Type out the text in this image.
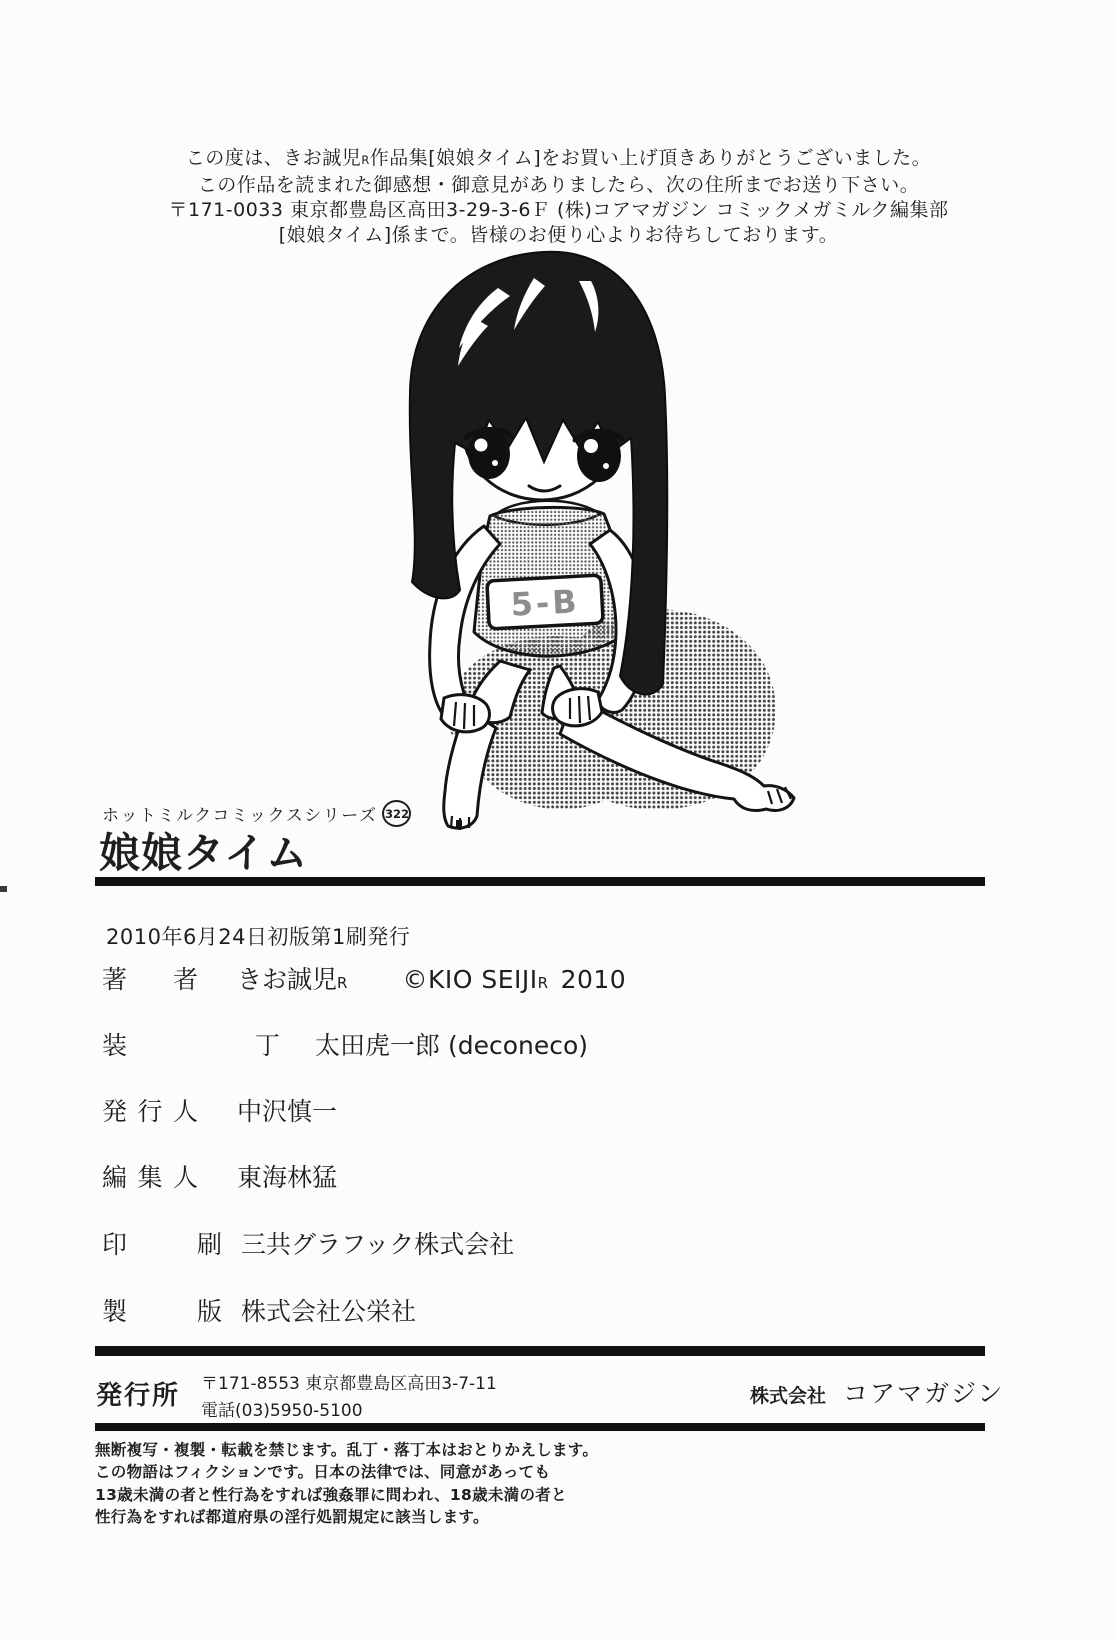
この度は、きお誠児R作品集[娘娘タイム]をお買い上げ頂きありがとうございました。
この作品を読まれた御感想・御意見がありましたら、次の住所までお送り下さい。
〒171-0033 東京都豊島区高田3-29-3-6Ｆ (株)コアマガジン コミックメガミルク編集部
[娘娘タイム]係まで。皆様のお便り心よりお待ちしております。
5-B
ホットミルクコミックスシリーズ 322
娘娘タイム
2010年6月24日初版第1刷発行
著 者 きお誠児R ©KIO SEIJIR 2010
装	丁 太田虎一郎 (deconeco)
発 行 人 中沢慎一
編 集 人 東海林猛
印	刷 三共グラフック株式会社
製	版 株式会社公栄社
発行所 〒171-8553 東京都豊島区高田3-7-11
電話(03)5950-5100
株式会社 コアマガジン
無断複写・複製・転載を禁じます。乱丁・落丁本はおとりかえします。
この物語はフィクションです。日本の法律では、同意があっても
13歳未満の者と性行為をすれば強姦罪に問われ、18歳未満の者と
性行為をすれば都道府県の淫行処罰規定に該当します。
